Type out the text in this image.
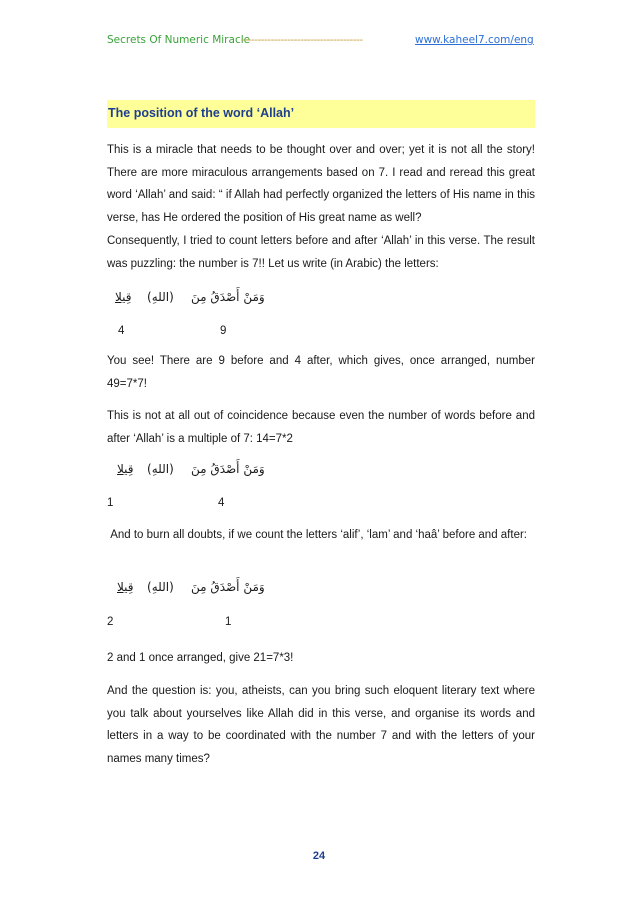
Secrets Of Numeric Miracle
-------------------------------------	www.kaheel7.com/eng
The position of the word ‘Allah’

This is a miracle that needs to be thought over and over; yet it is not all the story! There are more miraculous arrangements based on 7. I read and reread this great word ‘Allah’ and said: “ if Allah had perfectly organized the letters of His name in this verse, has He ordered the position of His great name as well?

Consequently, I tried to count letters before and after ‘Allah’ in this verse. The result was puzzling: the number is 7!! Let us write (in Arabic) the letters:

قِيلا (اللهِ) وَمَنْ أَصْدَقُ مِنَ
4	9

You see! There are 9 before and 4 after, which gives, once arranged, number 49=7*7!

This is not at all out of coincidence because even the number of words before and after ‘Allah’ is a multiple of 7: 14=7*2

قِيلا (اللهِ) وَمَنْ أَصْدَقُ مِنَ
1	4

And to burn all doubts, if we count the letters ‘alif’, ‘lam’ and ‘haâ’ before and after:

قِيلا (اللهِ) وَمَنْ أَصْدَقُ مِنَ
2	1

2 and 1 once arranged, give 21=7*3!

And the question is: you, atheists, can you bring such eloquent literary text where you talk about yourselves like Allah did in this verse, and organise its words and letters in a way to be coordinated with the number 7 and with the letters of your names many times?

24
